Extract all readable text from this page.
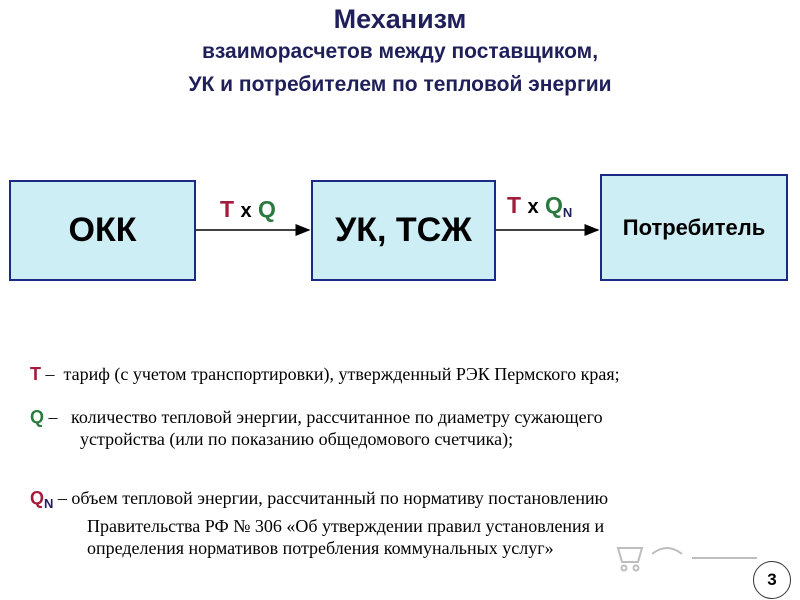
Механизм
взаиморасчетов между поставщиком,
УК и потребителем по тепловой энергии
ОКК	УК, ТСЖ	Потребитель
Т х Q	Т х $Q_N$
Т – тариф (с учетом транспортировки), утвержденный РЭК Пермского края;
Q – количество тепловой энергии, рассчитанное по диаметру сужающего
устройства (или по показанию общедомового счетчика);
$Q_N$ – объем тепловой энергии, рассчитанный по нормативу постановлению
Правительства РФ № 306 «Об утверждении правил установления и
определения нормативов потребления коммунальных услуг»
3
